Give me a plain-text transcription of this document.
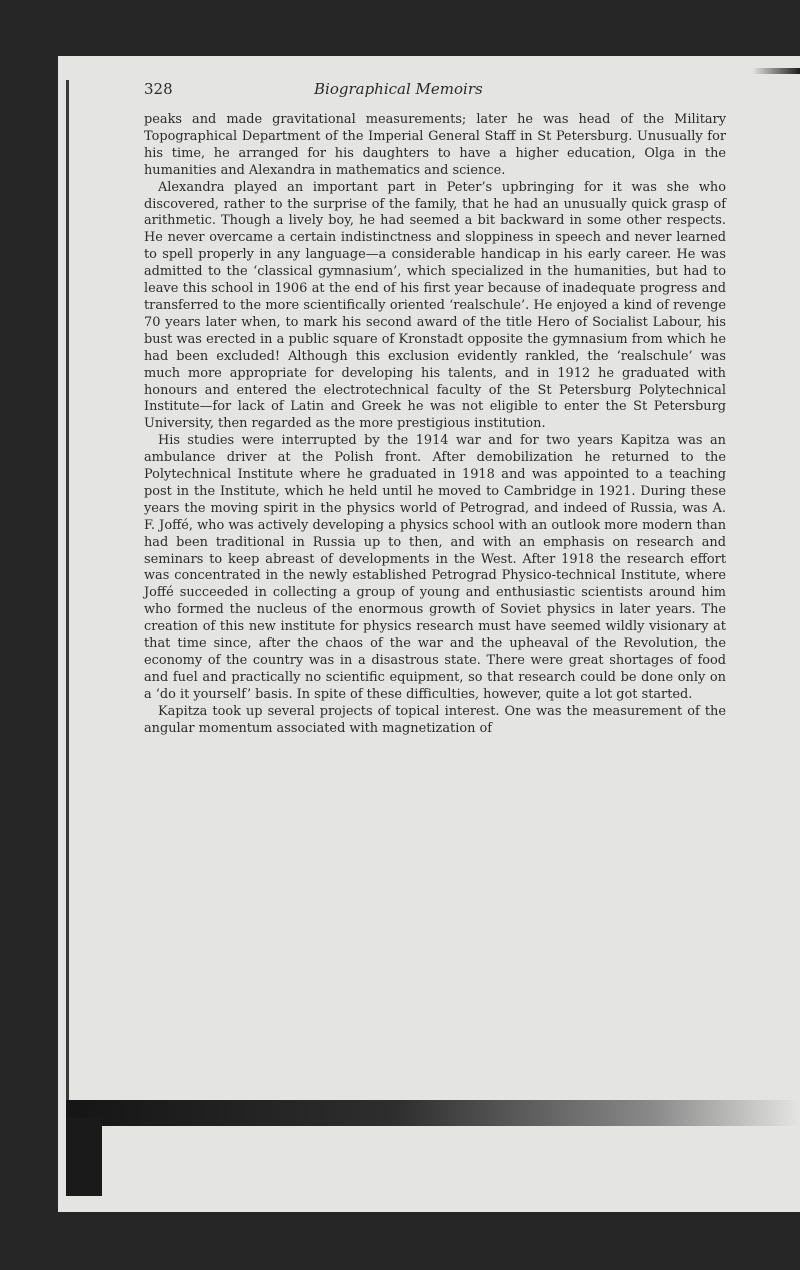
328	Biographical Memoirs

peaks and made gravitational measurements; later he was head of the Military Topographical Department of the Imperial General Staff in St Petersburg. Unusually for his time, he arranged for his daughters to have a higher education, Olga in the humanities and Alexandra in mathematics and science.

Alexandra played an important part in Peter’s upbringing for it was she who discovered, rather to the surprise of the family, that he had an unusually quick grasp of arithmetic. Though a lively boy, he had seemed a bit backward in some other respects. He never overcame a certain indistinctness and sloppiness in speech and never learned to spell properly in any language—a considerable handicap in his early career. He was admitted to the ‘classical gymnasium’, which specialized in the humanities, but had to leave this school in 1906 at the end of his first year because of inadequate progress and transferred to the more scientifically oriented ‘realschule’. He enjoyed a kind of revenge 70 years later when, to mark his second award of the title Hero of Socialist Labour, his bust was erected in a public square of Kronstadt opposite the gymnasium from which he had been excluded! Although this exclusion evidently rankled, the ‘realschule’ was much more appropriate for developing his talents, and in 1912 he graduated with honours and entered the electrotechnical faculty of the St Petersburg Polytechnical Institute—for lack of Latin and Greek he was not eligible to enter the St Petersburg University, then regarded as the more prestigious institution.

His studies were interrupted by the 1914 war and for two years Kapitza was an ambulance driver at the Polish front. After demobilization he returned to the Polytechnical Institute where he graduated in 1918 and was appointed to a teaching post in the Institute, which he held until he moved to Cambridge in 1921. During these years the moving spirit in the physics world of Petrograd, and indeed of Russia, was A. F. Joffé, who was actively developing a physics school with an outlook more modern than had been traditional in Russia up to then, and with an emphasis on research and seminars to keep abreast of developments in the West. After 1918 the research effort was concentrated in the newly established Petrograd Physico-technical Institute, where Joffé succeeded in collecting a group of young and enthusiastic scientists around him who formed the nucleus of the enormous growth of Soviet physics in later years. The creation of this new institute for physics research must have seemed wildly visionary at that time since, after the chaos of the war and the upheaval of the Revolution, the economy of the country was in a disastrous state. There were great shortages of food and fuel and practically no scientific equipment, so that research could be done only on a ‘do it yourself’ basis. In spite of these difficulties, however, quite a lot got started.

Kapitza took up several projects of topical interest. One was the measurement of the angular momentum associated with magnetization of
